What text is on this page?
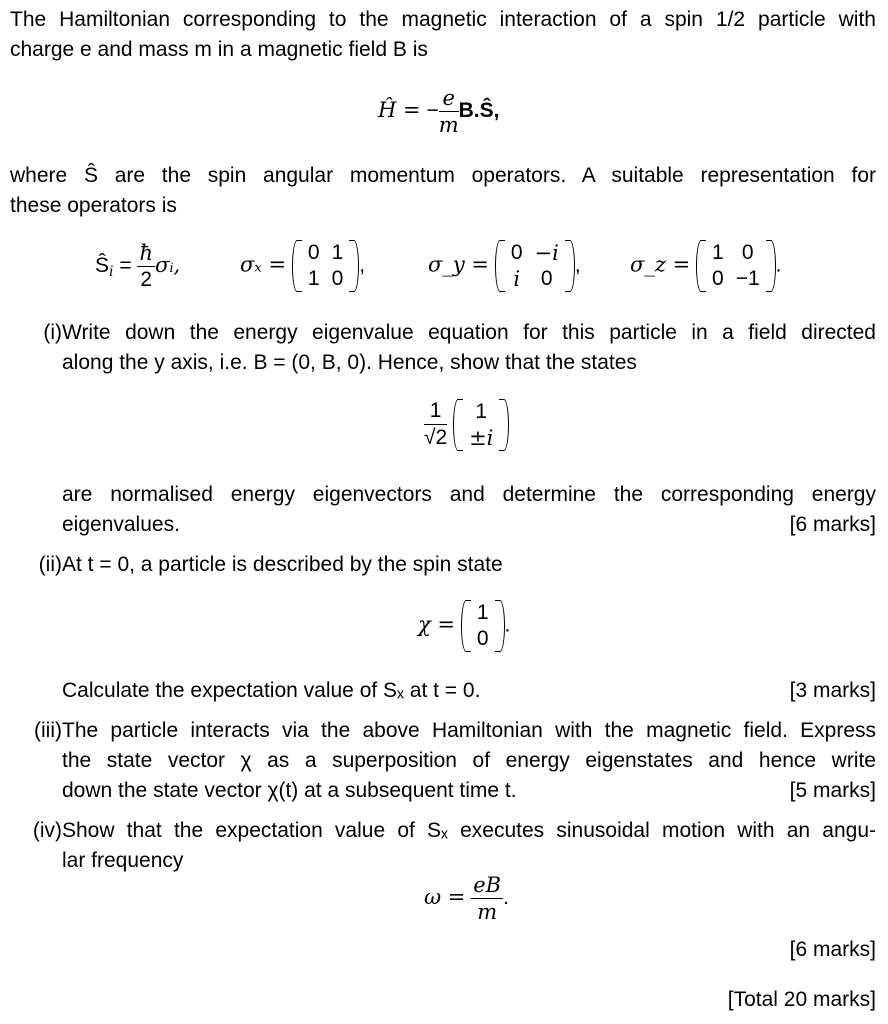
The Hamiltonian corresponding to the magnetic interaction of a spin 1/2 particle with
charge e and mass m in a magnetic field B is
Ĥ = − $\frac{e}{m}$ B.Ŝ,
where Ŝ are the spin angular momentum operators. A suitable representation for
these operators is
$Ŝ_i = \frac{ħ}{2}$ σᵢ,	σₓ =
0	1
1	0
,	σ_y =
0	−i
i	0
, σ_z =
1	0
0	−1
.
(i) Write down the energy eigenvalue equation for this particle in a field directed
along the y axis, i.e. B = (0, B, 0). Hence, show that the states
$\frac{1}{√2}$
1
±i
are normalised energy eigenvectors and determine the corresponding energy
eigenvalues.	[6 marks]
(ii) At t = 0, a particle is described by the spin state
χ =
1
0
.
Calculate the expectation value of Sₓ at t = 0.	[3 marks]
(iii) The particle interacts via the above Hamiltonian with the magnetic field. Express
the state vector χ as a superposition of energy eigenstates and hence write
down the state vector χ(t) at a subsequent time t.	[5 marks]
(iv) Show that the expectation value of Sₓ executes sinusoidal motion with an angu-
lar frequency
$\omega = \frac{eB}{m}$ .
[6 marks]
[Total 20 marks]
